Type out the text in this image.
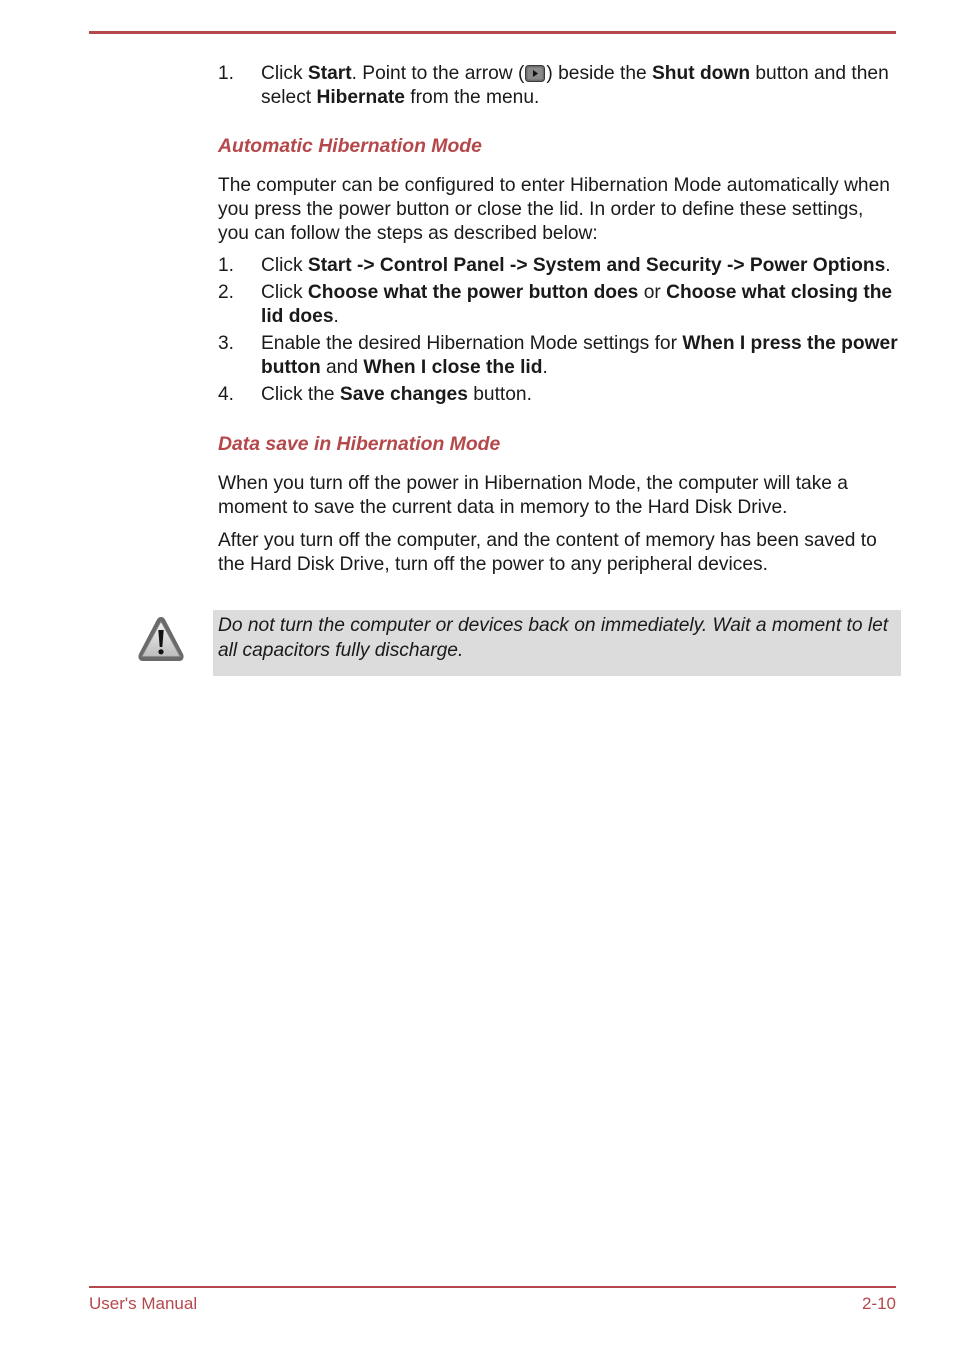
1. Click Start. Point to the arrow ( ) beside the Shut down button and then select Hibernate from the menu.
Automatic Hibernation Mode

The computer can be configured to enter Hibernation Mode automatically when you press the power button or close the lid. In order to define these settings, you can follow the steps as described below:

1. Click Start -> Control Panel -> System and Security -> Power Options.
2. Click Choose what the power button does or Choose what closing the lid does.
3. Enable the desired Hibernation Mode settings for When I press the power button and When I close the lid.
4. Click the Save changes button.
Data save in Hibernation Mode

When you turn off the power in Hibernation Mode, the computer will take a moment to save the current data in memory to the Hard Disk Drive.

After you turn off the computer, and the content of memory has been saved to the Hard Disk Drive, turn off the power to any peripheral devices.

Do not turn the computer or devices back on immediately. Wait a moment to let all capacitors fully discharge.
User's Manual	2-10
